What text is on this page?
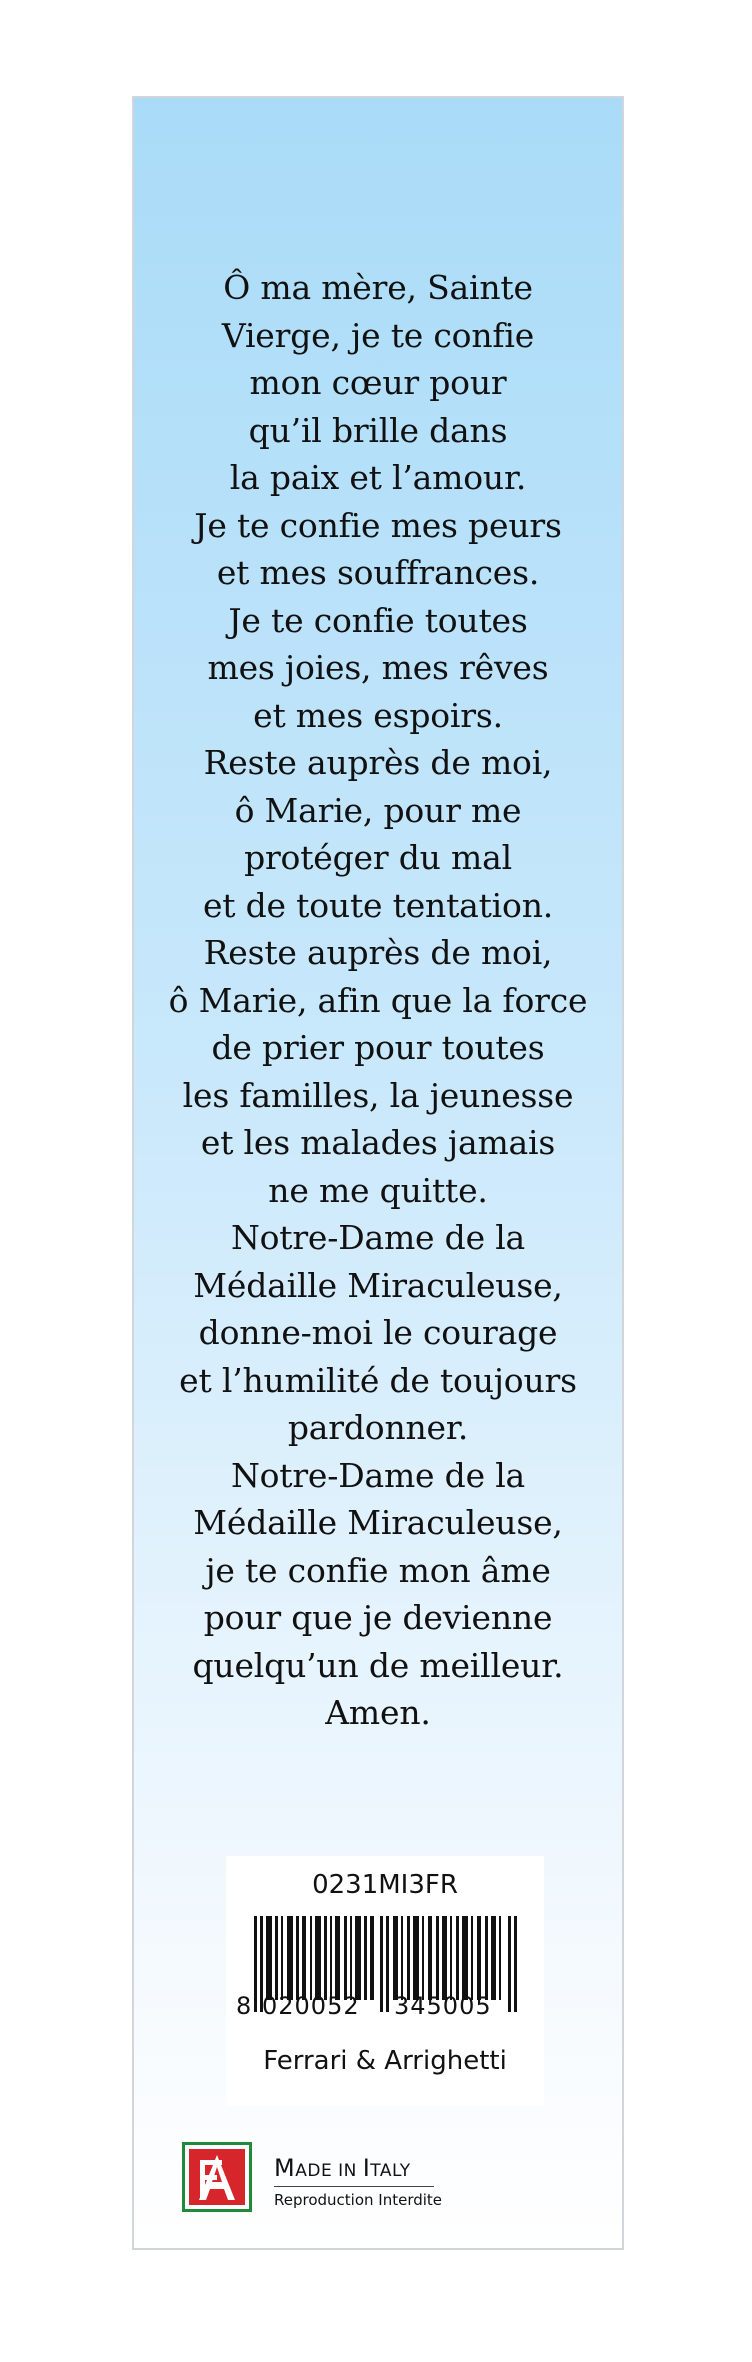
Ô ma mère, Sainte
Vierge, je te confie
mon cœur pour
qu’il brille dans
la paix et l’amour.
Je te confie mes peurs
et mes souffrances.
Je te confie toutes
mes joies, mes rêves
et mes espoirs.
Reste auprès de moi,
ô Marie, pour me
protéger du mal
et de toute tentation.
Reste auprès de moi,
ô Marie, afin que la force
de prier pour toutes
les familles, la jeunesse
et les malades jamais
ne me quitte.
Notre-Dame de la
Médaille Miraculeuse,
donne-moi le courage
et l’humilité de toujours
pardonner.
Notre-Dame de la
Médaille Miraculeuse,
je te confie mon âme
pour que je devienne
quelqu’un de meilleur.
Amen.
0231MI3FR
8 020052 345005
Ferrari & Arrighetti
MADE IN ITALY
Reproduction Interdite
